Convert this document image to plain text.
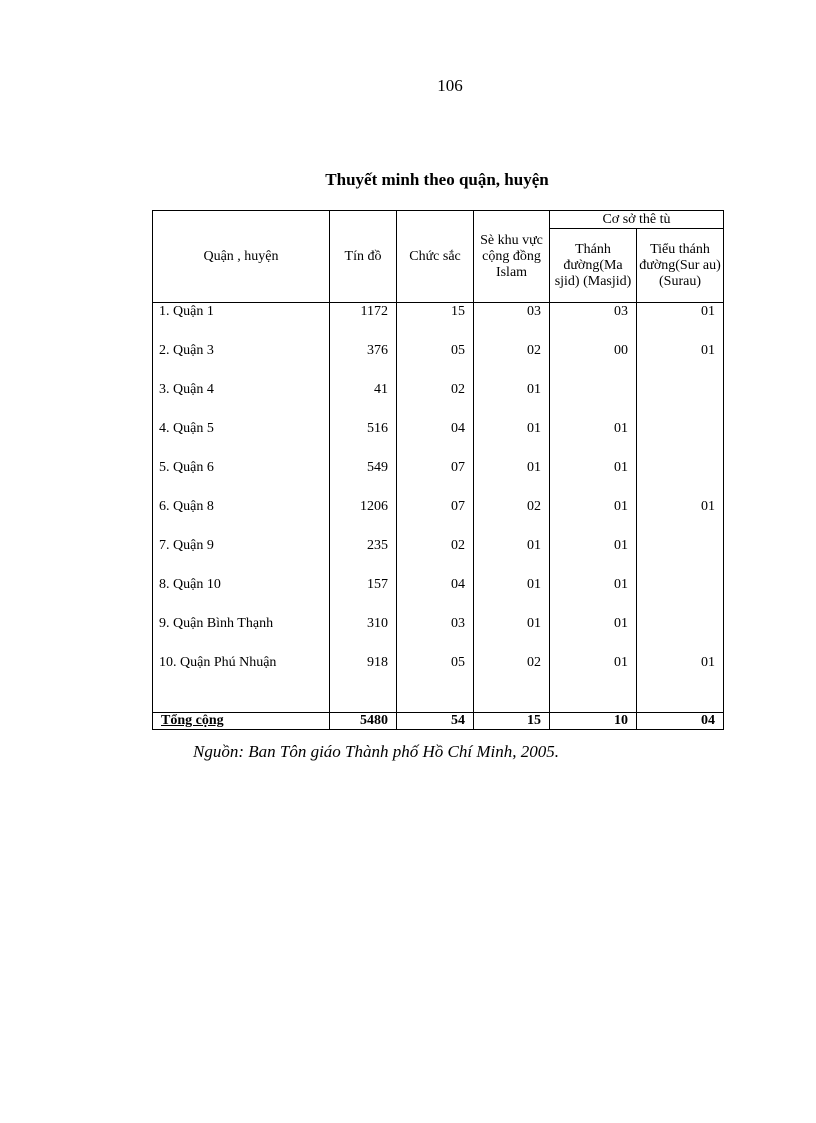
106
Thuyết minh theo quận, huyện
Quận , huyện	Tín đồ	Chức sắc	Sè khu vực cộng đồng Islam	Cơ sở thê tù	
				Thánh đường(Ma sjid) (Masjid)	Tiểu thánh đường(Sur au) (Surau)
1. Quận 1	1172	15	03	03	01
2. Quận 3	376	05	02	00	01
3. Quận 4	41	02	01		
4. Quận 5	516	04	01	01	
5. Quận 6	549	07	01	01	
6. Quận 8	1206	07	02	01	01
7. Quận 9	235	02	01	01	
8. Quận 10	157	04	01	01	
9. Quận Bình Thạnh	310	03	01	01	
10. Quận Phú Nhuận	918	05	02	01	01

Tổng cộng	5480	54	15	10	04
Nguồn: Ban Tôn giáo Thành phố Hồ Chí Minh, 2005.
